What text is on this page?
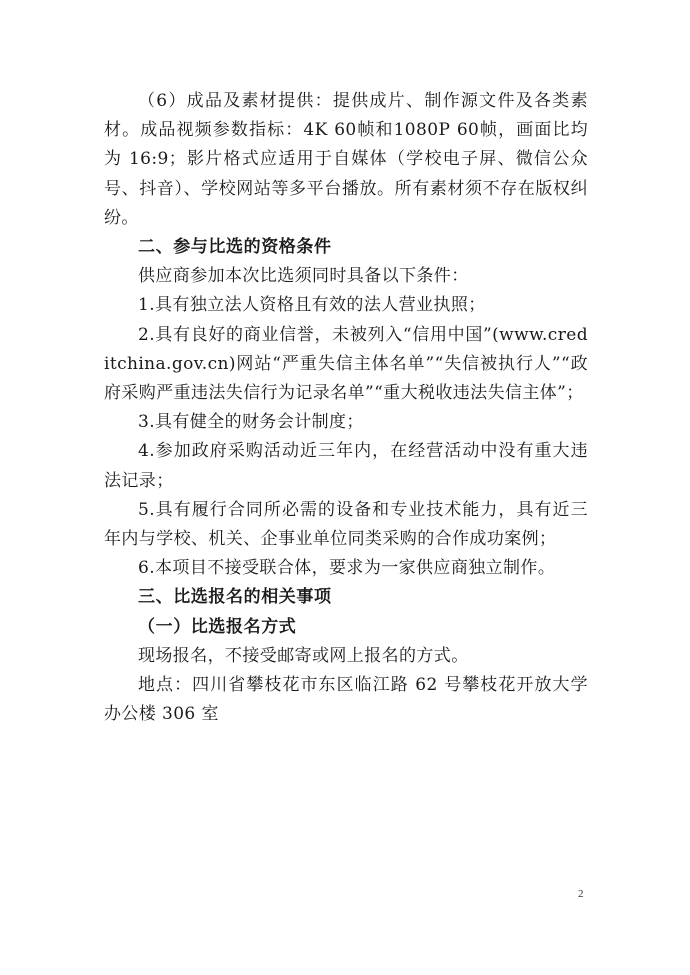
（6）成品及素材提供：提供成片、制作源文件及各类素材。成品视频参数指标：4K 60帧和1080P 60帧，画面比均为 16:9；影片格式应适用于自媒体（学校电子屏、微信公众号、抖音）、学校网站等多平台播放。所有素材须不存在版权纠纷。

二、参与比选的资格条件

供应商参加本次比选须同时具备以下条件：

1.具有独立法人资格且有效的法人营业执照；

2.具有良好的商业信誉，未被列入“信用中国”(www.creditchina.gov.cn)网站“严重失信主体名单”“失信被执行人”“政府采购严重违法失信行为记录名单”“重大税收违法失信主体”；

3.具有健全的财务会计制度；

4.参加政府采购活动近三年内，在经营活动中没有重大违法记录；

5.具有履行合同所必需的设备和专业技术能力，具有近三年内与学校、机关、企事业单位同类采购的合作成功案例；

6.本项目不接受联合体，要求为一家供应商独立制作。

三、比选报名的相关事项

（一）比选报名方式

现场报名，不接受邮寄或网上报名的方式。

地点：四川省攀枝花市东区临江路 62 号攀枝花开放大学办公楼 306 室

2
